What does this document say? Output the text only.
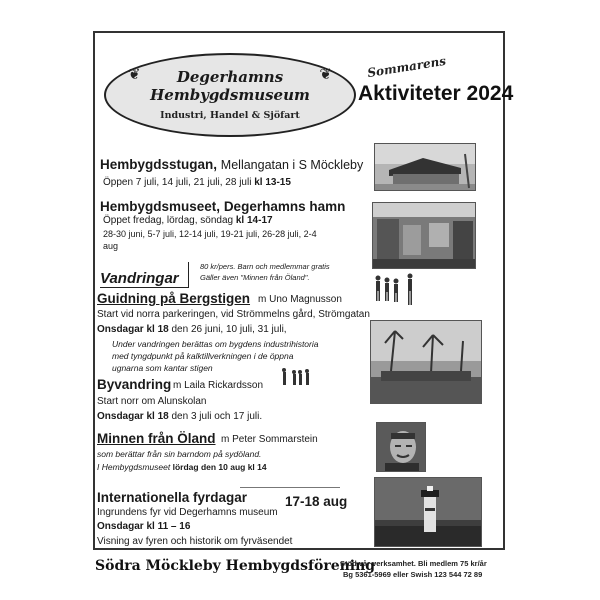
❦	❦
Degerhamns
Hembygdsmuseum
Industri, Handel & Sjöfart
Sommarens
Aktiviteter 2024
Hembygdsstugan, Mellangatan i S Möckleby
Öppen 7 juli, 14 juli, 21 juli, 28 juli kl 13-15
Hembygdsmuseet, Degerhamns hamn
Öppet fredag, lördag, söndag kl 14-17
28-30 juni, 5-7 juli, 12-14 juli, 19-21 juli, 26-28 juli, 2-4
aug
Vandringar
80 kr/pers. Barn och medlemmar gratis
Gäller även "Minnen från Öland".
Guidning på Bergstigen m Uno Magnusson
Start vid norra parkeringen, vid Strömmelns gård, Strömgatan
Onsdagar kl 18 den 26 juni, 10 juli, 31 juli,
Under vandringen berättas om bygdens industrihistoria
med tyngdpunkt på kalktillverkningen i de öppna
ugnarna som kantar stigen
Byvandring m Laila Rickardsson
Start norr om Alunskolan
Onsdagar kl 18 den 3 juli och 17 juli.
Minnen från Öland m Peter Sommarstein
som berättar från sin barndom på sydöland.
I Hembygdsmuseet lördag den 10 aug kl 14
Internationella fyrdagar	17-18 aug
Ingrundens fyr vid Degerhamns museum
Onsdagar kl 11 – 16
Visning av fyren och historik om fyrväsendet
Södra Möckleby Hembygdsförening
Stöd vår verksamhet. Bli medlem 75 kr/år
Bg 5361-5969 eller Swish 123 544 72 89
